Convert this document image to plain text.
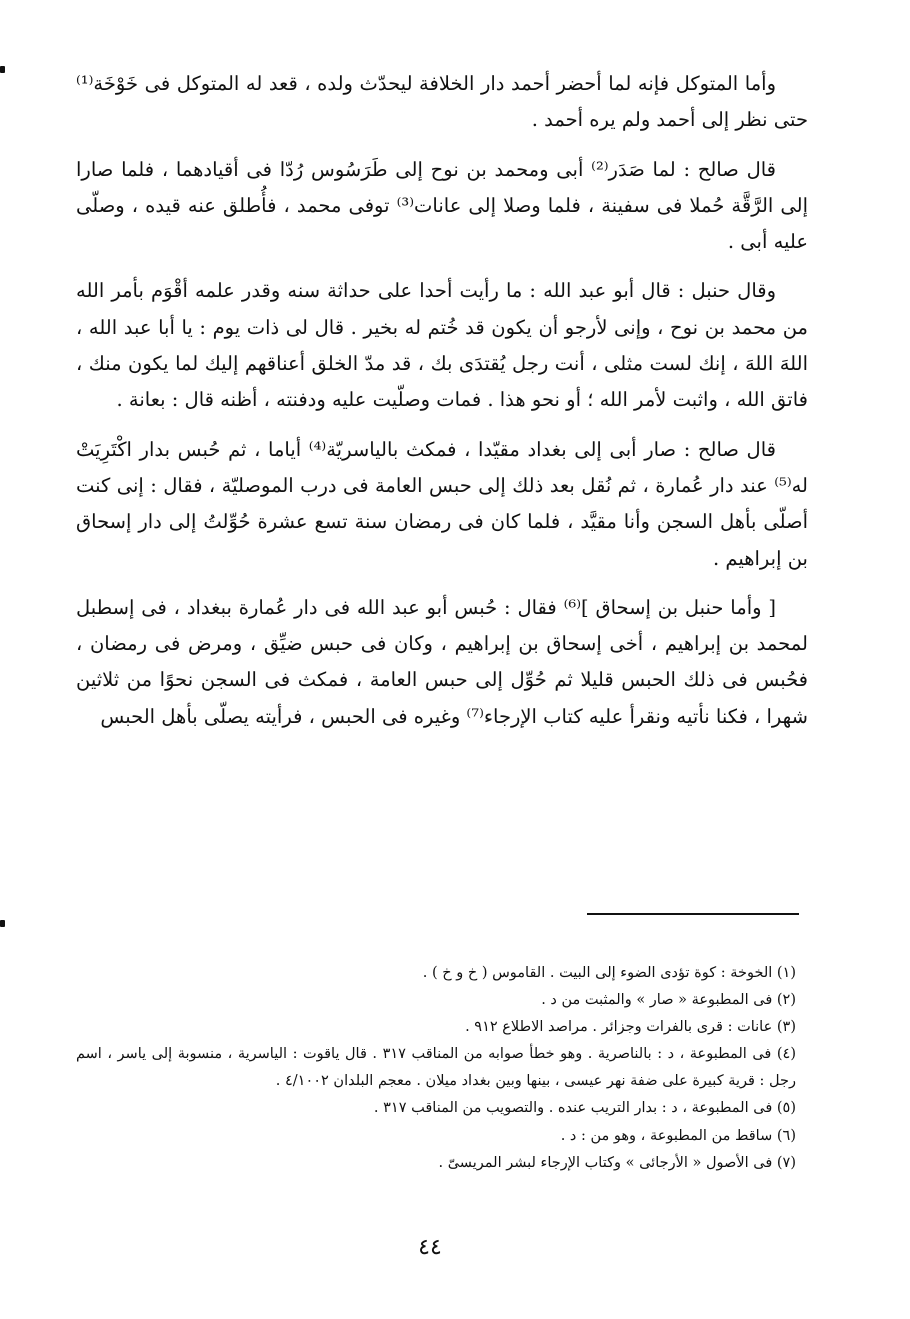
وأما المتوكل فإنه لما أحضر أحمد دار الخلافة ليحدّث ولده ، قعد له المتوكل فى خَوْخَة⁽¹⁾ حتى نظر إلى أحمد ولم يره أحمد .

قال صالح : لما صَدَر⁽²⁾ أبى ومحمد بن نوح إلى طَرَسُوس رُدّا فى أقيادهما ، فلما صارا إلى الرَّقَّة حُملا فى سفينة ، فلما وصلا إلى عانات⁽³⁾ توفى محمد ، فأُطلق عنه قيده ، وصلّى عليه أبى .

وقال حنبل : قال أبو عبد الله : ما رأيت أحدا على حداثة سنه وقدر علمه أقْوَم بأمر الله من محمد بن نوح ، وإنى لأرجو أن يكون قد خُتم له بخير . قال لى ذات يوم : يا أبا عبد الله ، اللهَ اللهَ ، إنك لست مثلى ، أنت رجل يُقتدَى بك ، قد مدّ الخلق أعناقهم إليك لما يكون منك ، فاتق الله ، واثبت لأمر الله ؛ أو نحو هذا . فمات وصلّيت عليه ودفنته ، أظنه قال : بعانة .

قال صالح : صار أبى إلى بغداد مقيّدا ، فمكث بالياسريّة⁽⁴⁾ أياما ، ثم حُبس بدار اكْتَرِيَتْ له⁽⁵⁾ عند دار عُمارة ، ثم نُقل بعد ذلك إلى حبس العامة فى درب الموصليّة ، فقال : إنى كنت أصلّى بأهل السجن وأنا مقيَّد ، فلما كان فى رمضان سنة تسع عشرة حُوِّلتُ إلى دار إسحاق بن إبراهيم .

[ وأما حنبل بن إسحاق ]⁽⁶⁾ فقال : حُبس أبو عبد الله فى دار عُمارة ببغداد ، فى إسطبل لمحمد بن إبراهيم ، أخى إسحاق بن إبراهيم ، وكان فى حبس ضيِّق ، ومرض فى رمضان ، فحُبس فى ذلك الحبس قليلا ثم حُوِّل إلى حبس العامة ، فمكث فى السجن نحوًا من ثلاثين شهرا ، فكنا نأتيه ونقرأ عليه كتاب الإرجاء⁽⁷⁾ وغيره فى الحبس ، فرأيته يصلّى بأهل الحبس

(١) الخوخة : كوة تؤدى الضوء إلى البيت . القاموس ( خ و خ ) .

(٢) فى المطبوعة « صار » والمثبت من د .

(٣) عانات : قرى بالفرات وجزائر . مراصد الاطلاع ٩١٢ .

(٤) فى المطبوعة ، د : بالناصرية . وهو خطأ صوابه من المناقب ٣١٧ . قال ياقوت : الياسرية ، منسوبة إلى ياسر ، اسم رجل : قرية كبيرة على ضفة نهر عيسى ، بينها وبين بغداد ميلان . معجم البلدان ٤/١٠٠٢ .

(٥) فى المطبوعة ، د : بدار التريب عنده . والتصويب من المناقب ٣١٧ .

(٦) ساقط من المطبوعة ، وهو من : د .

(٧) فى الأصول « الأرجائى » وكتاب الإرجاء لبشر المريسىّ .

٤٤
